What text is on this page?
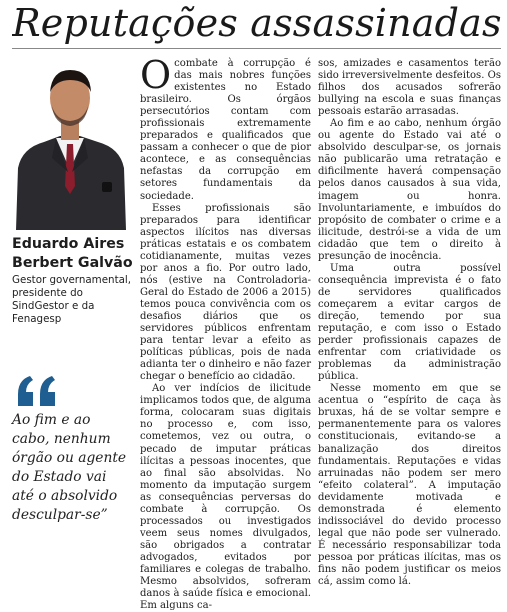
Reputações assassinadas
Eduardo Aires Berbert Galvão
Gestor governamental, presidente do SindGestor e da Fenagesp
Ao fim e ao cabo, nenhum órgão ou agente do Estado vai até o absolvido desculpar-se”

Ocombate à corrupção é das mais nobres funções existentes no Estado brasileiro. Os órgãos persecutórios contam com profissionais extremamente preparados e qualificados que passam a conhecer o que de pior acontece, e as consequências nefastas da corrupção em setores fundamentais da sociedade.

Esses profissionais são preparados para identificar aspectos ilícitos nas diversas práticas estatais e os combatem cotidianamente, muitas vezes por anos a fio. Por outro lado, nós (estive na Controladoria-Geral do Estado de 2006 a 2015) temos pouca convivência com os desafios diários que os servidores públicos enfrentam para tentar levar a efeito as políticas públicas, pois de nada adianta ter o dinheiro e não fazer chegar o benefício ao cidadão.

Ao ver indícios de ilicitude implicamos todos que, de alguma forma, colocaram suas digitais no processo e, com isso, cometemos, vez ou outra, o pecado de imputar práticas ilícitas a pessoas inocentes, que ao final são absolvidas. No momento da imputação surgem as consequências perversas do combate à corrupção. Os processados ou investigados veem seus nomes divulgados, são obrigados a contratar advogados, evitados por familiares e colegas de trabalho. Mesmo absolvidos, sofreram danos à saúde física e emocional. Em alguns ca-

sos, amizades e casamentos terão sido irreversivelmente desfeitos. Os filhos dos acusados sofrerão bullying na escola e suas finanças pessoais estarão arrasadas.

Ao fim e ao cabo, nenhum órgão ou agente do Estado vai até o absolvido desculpar-se, os jornais não publicarão uma retratação e dificilmente haverá compensação pelos danos causados à sua vida, imagem ou honra. Involuntariamente, e imbuídos do propósito de combater o crime e a ilicitude, destrói-se a vida de um cidadão que tem o direito à presunção de inocência.

Uma outra possível consequência imprevista é o fato de servidores qualificados começarem a evitar cargos de direção, temendo por sua reputação, e com isso o Estado perder profissionais capazes de enfrentar com criatividade os problemas da administração pública.

Nesse momento em que se acentua o “espírito de caça às bruxas, há de se voltar sempre e permanentemente para os valores constitucionais, evitando-se a banalização dos direitos fundamentais. Reputações e vidas arruinadas não podem ser mero “efeito colateral”. A imputação devidamente motivada e demonstrada é elemento indissociável do devido processo legal que não pode ser vulnerado. É necessário responsabilizar toda pessoa por práticas ilícitas, mas os fins não podem justificar os meios cá, assim como lá.
